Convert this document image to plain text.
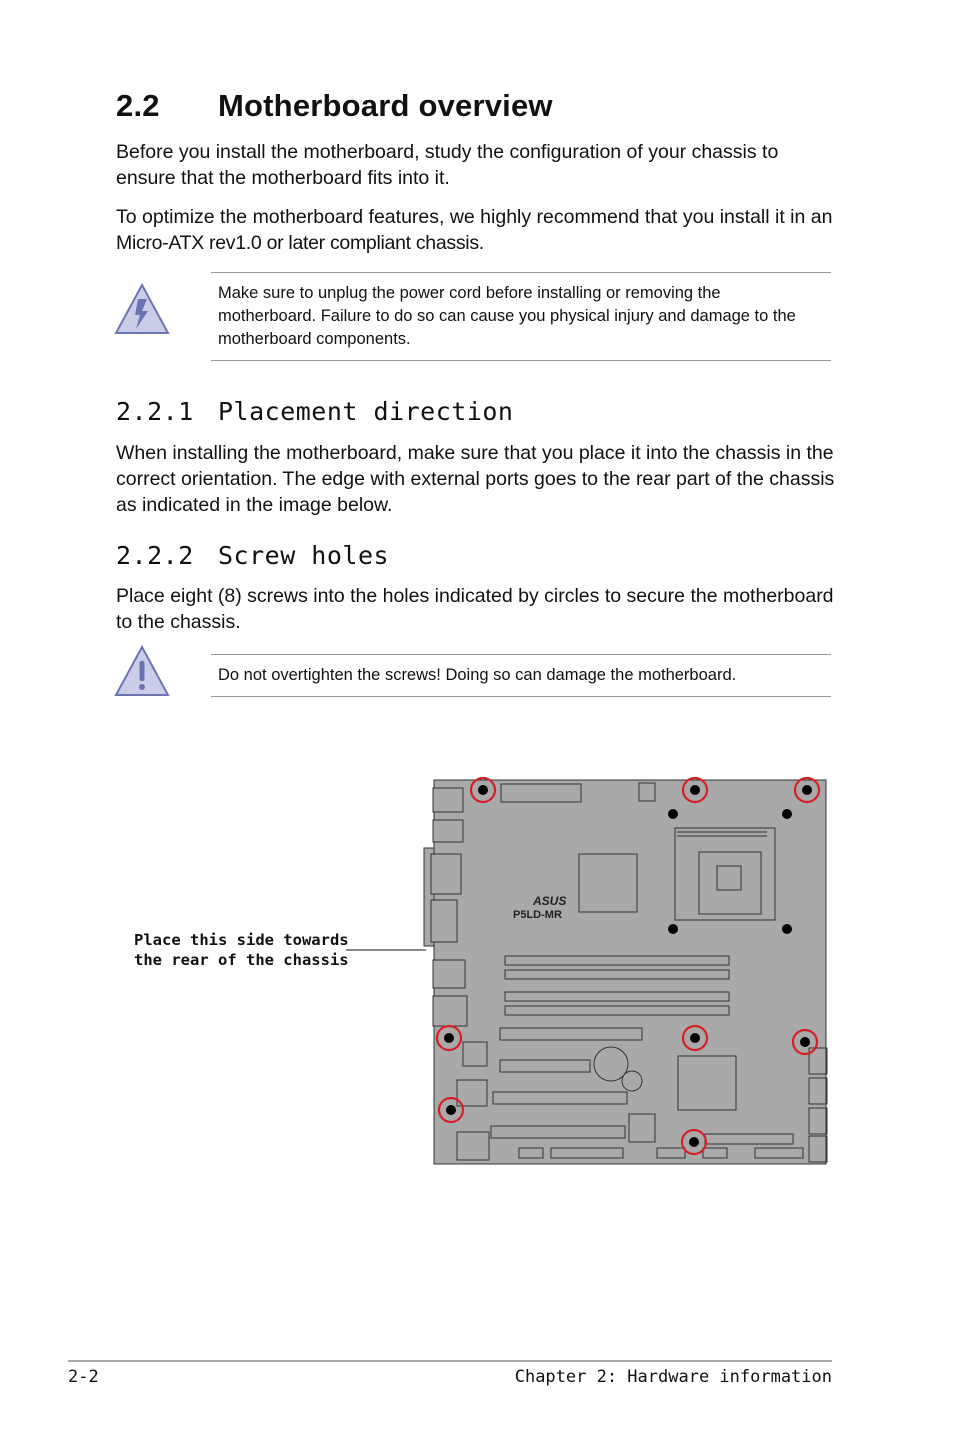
2.2 Motherboard overview

Before you install the motherboard, study the configuration of your chassis to ensure that the motherboard fits into it.

To optimize the motherboard features, we highly recommend that you install it in an Micro-ATX rev1.0 or later compliant chassis.

Make sure to unplug the power cord before installing or removing the motherboard. Failure to do so can cause you physical injury and damage to the motherboard components.

2.2.1 Placement direction

When installing the motherboard, make sure that you place it into the chassis in the correct orientation. The edge with external ports goes to the rear part of the chassis as indicated in the image below.

2.2.2 Screw holes

Place eight (8) screws into the holes indicated by circles to secure the motherboard to the chassis.

Do not overtighten the screws! Doing so can damage the motherboard.

Place this side towards
the rear of the chassis
ASUS
P5LD-MR
2-2	Chapter 2: Hardware information
